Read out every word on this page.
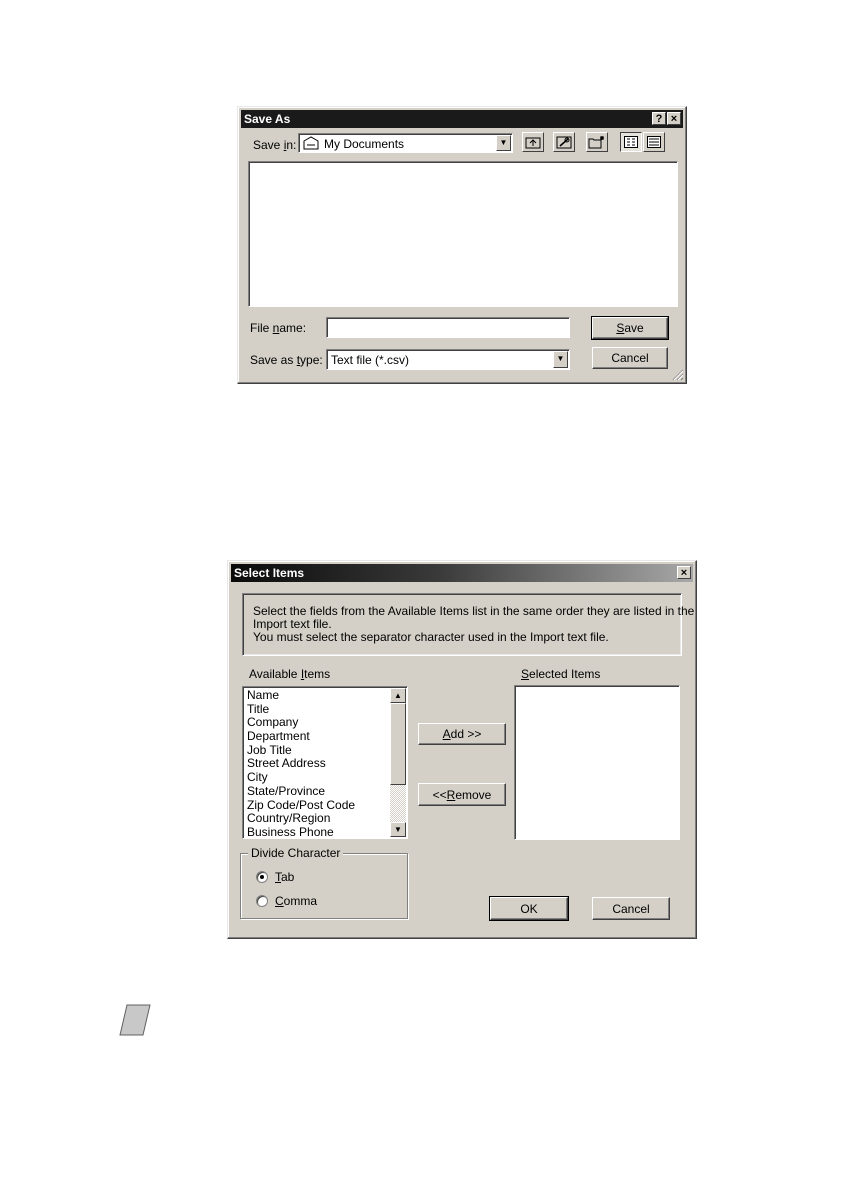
Save As	? ×
Save in: My Documents	▼
File name:
Save as type: Text file (*.csv)	▼
S ave
Cancel
Select Items	×
Select the fields from the Available Items list in the same order they are listed in the
Import text file.
You must select the separator character used in the Import text file.
Available Items	Selected Items
Name
Title
Company
Department
Job Title
Street Address
City
State/Province
Zip Code/Post Code
Country/Region
Business Phone
▲
▼
A dd >>
<< R emove
Divide Character
Tab
Comma
OK	Cancel
